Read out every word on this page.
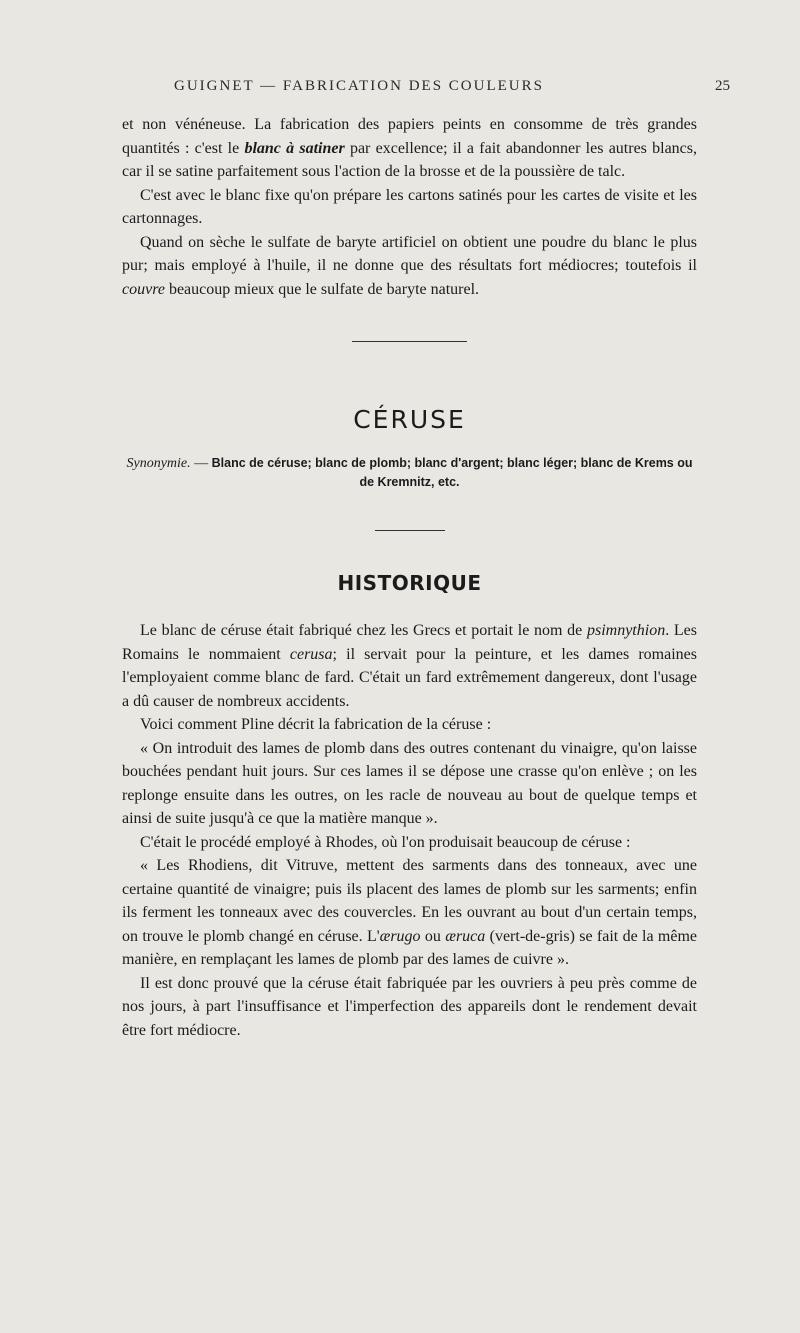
GUIGNET — FABRICATION DES COULEURS	25

et non vénéneuse. La fabrication des papiers peints en consomme de très grandes quantités : c'est le blanc à satiner par excellence; il a fait abandonner les autres blancs, car il se satine parfaitement sous l'action de la brosse et de la poussière de talc.

C'est avec le blanc fixe qu'on prépare les cartons satinés pour les cartes de visite et les cartonnages.

Quand on sèche le sulfate de baryte artificiel on obtient une poudre du blanc le plus pur; mais employé à l'huile, il ne donne que des résultats fort médiocres; toutefois il couvre beaucoup mieux que le sulfate de baryte naturel.

CÉRUSE
Synonymie. — Blanc de céruse; blanc de plomb; blanc d'argent; blanc léger; blanc de Krems ou de Kremnitz, etc.
HISTORIQUE

Le blanc de céruse était fabriqué chez les Grecs et portait le nom de psimnythion. Les Romains le nommaient cerusa; il servait pour la peinture, et les dames romaines l'employaient comme blanc de fard. C'était un fard extrêmement dangereux, dont l'usage a dû causer de nombreux accidents.

Voici comment Pline décrit la fabrication de la céruse :

« On introduit des lames de plomb dans des outres contenant du vinaigre, qu'on laisse bouchées pendant huit jours. Sur ces lames il se dépose une crasse qu'on enlève ; on les replonge ensuite dans les outres, on les racle de nouveau au bout de quelque temps et ainsi de suite jusqu'à ce que la matière manque ».

C'était le procédé employé à Rhodes, où l'on produisait beaucoup de céruse :

« Les Rhodiens, dit Vitruve, mettent des sarments dans des tonneaux, avec une certaine quantité de vinaigre; puis ils placent des lames de plomb sur les sarments; enfin ils ferment les tonneaux avec des couvercles. En les ouvrant au bout d'un certain temps, on trouve le plomb changé en céruse. L'ærugo ou æruca (vert-de-gris) se fait de la même manière, en remplaçant les lames de plomb par des lames de cuivre ».

Il est donc prouvé que la céruse était fabriquée par les ouvriers à peu près comme de nos jours, à part l'insuffisance et l'imperfection des appareils dont le rendement devait être fort médiocre.
